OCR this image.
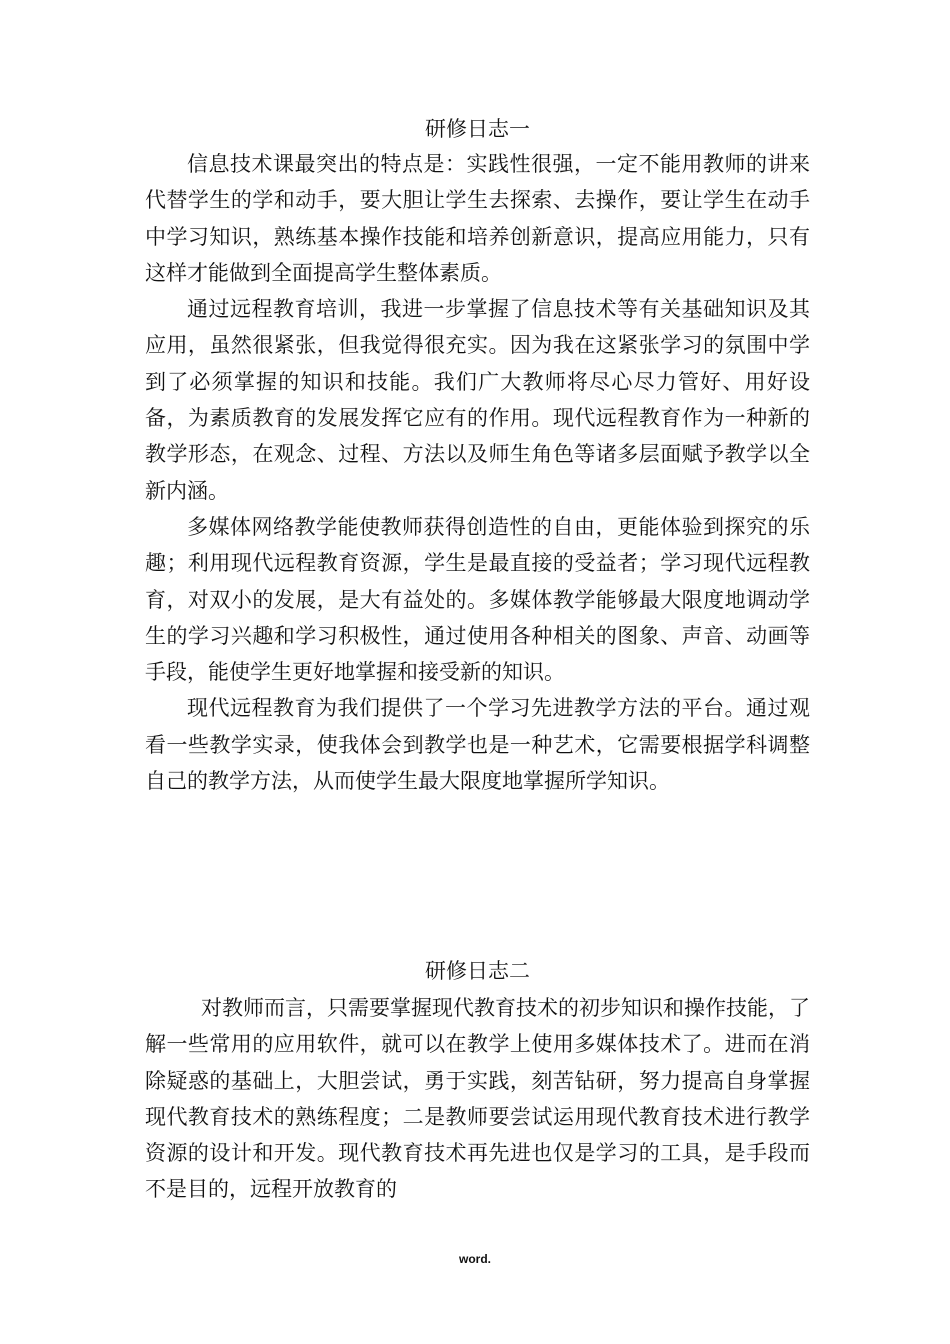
研修日志一

信息技术课最突出的特点是：实践性很强，一定不能用教师的讲来代替学生的学和动手，要大胆让学生去探索、去操作，要让学生在动手中学习知识，熟练基本操作技能和培养创新意识，提高应用能力，只有这样才能做到全面提高学生整体素质。

通过远程教育培训，我进一步掌握了信息技术等有关基础知识及其应用，虽然很紧张，但我觉得很充实。因为我在这紧张学习的氛围中学到了必须掌握的知识和技能。我们广大教师将尽心尽力管好、用好设备，为素质教育的发展发挥它应有的作用。现代远程教育作为一种新的教学形态，在观念、过程、方法以及师生角色等诸多层面赋予教学以全新内涵。

多媒体网络教学能使教师获得创造性的自由，更能体验到探究的乐趣；利用现代远程教育资源，学生是最直接的受益者；学习现代远程教育，对双小的发展，是大有益处的。多媒体教学能够最大限度地调动学生的学习兴趣和学习积极性，通过使用各种相关的图象、声音、动画等手段，能使学生更好地掌握和接受新的知识。

现代远程教育为我们提供了一个学习先进教学方法的平台。通过观看一些教学实录，使我体会到教学也是一种艺术，它需要根据学科调整自己的教学方法，从而使学生最大限度地掌握所学知识。

研修日志二

对教师而言，只需要掌握现代教育技术的初步知识和操作技能，了解一些常用的应用软件，就可以在教学上使用多媒体技术了。进而在消除疑惑的基础上，大胆尝试，勇于实践，刻苦钻研，努力提高自身掌握现代教育技术的熟练程度；二是教师要尝试运用现代教育技术进行教学资源的设计和开发。现代教育技术再先进也仅是学习的工具，是手段而不是目的，远程开放教育的

word.
